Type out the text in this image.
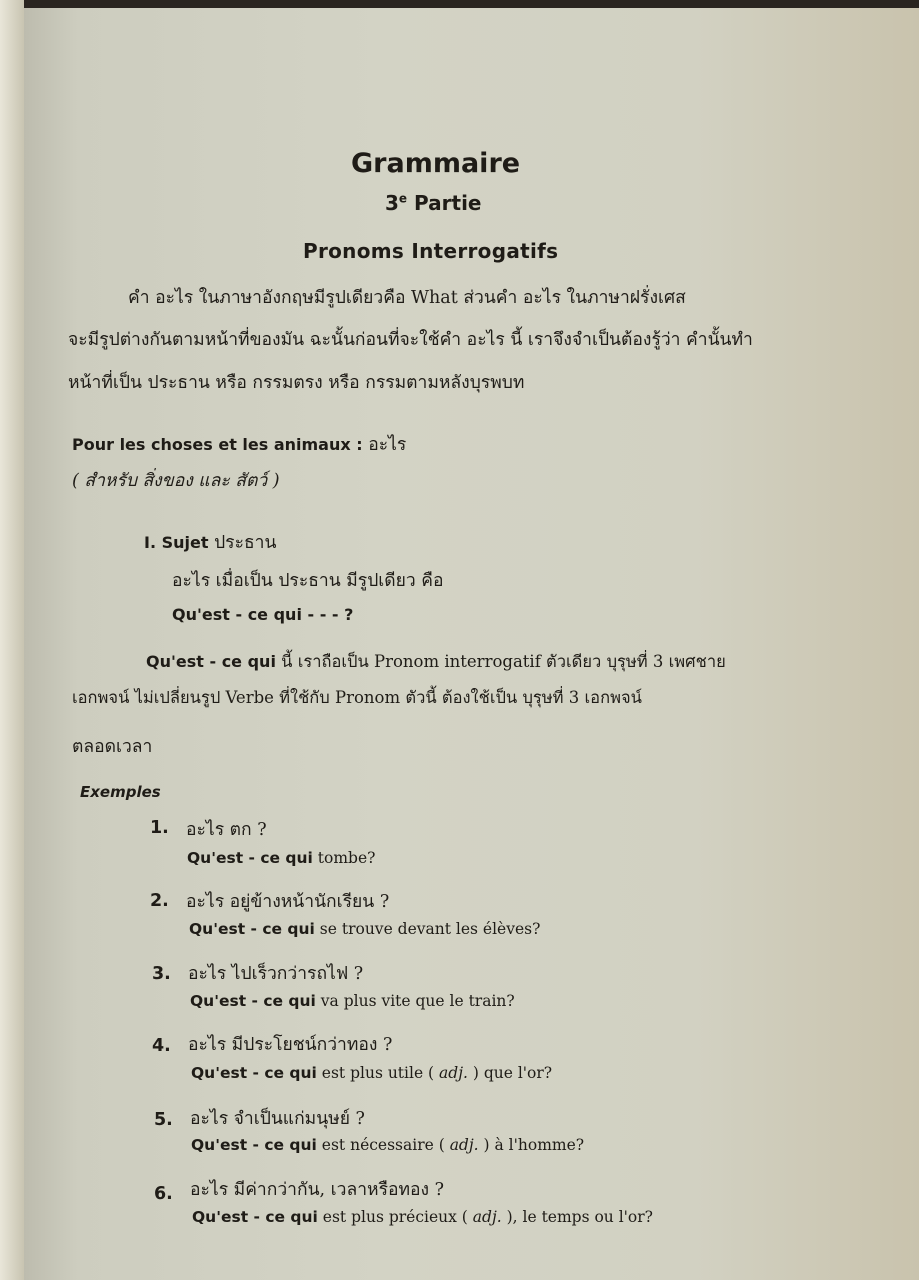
Grammaire
3e Partie
Pronoms Interrogatifs
คำ อะไร ในภาษาอังกฤษมีรูปเดียวคือ What ส่วนคำ อะไร ในภาษาฝรั่งเศส
จะมีรูปต่างกันตามหน้าที่ของมัน ฉะนั้นก่อนที่จะใช้คำ อะไร นี้ เราจึงจำเป็นต้องรู้ว่า คำนั้นทำ
หน้าที่เป็น ประธาน หรือ กรรมตรง หรือ กรรมตามหลังบุรพบท
Pour les choses et les animaux : อะไร
( สำหรับ สิ่งของ และ สัตว์ )
I. Sujet ประธาน
อะไร เมื่อเป็น ประธาน มีรูปเดียว คือ
Qu'est - ce qui - - - ?
Qu'est - ce qui นี้ เราถือเป็น Pronom interrogatif ตัวเดียว บุรุษที่ 3 เพศชาย
เอกพจน์ ไม่เปลี่ยนรูป Verbe ที่ใช้กับ Pronom ตัวนี้ ต้องใช้เป็น บุรุษที่ 3 เอกพจน์
ตลอดเวลา
Exemples
1. อะไร ตก ?
Qu'est - ce qui tombe?
2. อะไร อยู่ข้างหน้านักเรียน ?
Qu'est - ce qui se trouve devant les élèves?
3. อะไร ไปเร็วกว่ารถไฟ ?
Qu'est - ce qui va plus vite que le train?
4. อะไร มีประโยชน์กว่าทอง ?
Qu'est - ce qui est plus utile ( adj. ) que l'or?
5. อะไร จำเป็นแก่มนุษย์ ?
Qu'est - ce qui est nécessaire ( adj. ) à l'homme?
6. อะไร มีค่ากว่ากัน, เวลาหรือทอง ?
Qu'est - ce qui est plus précieux ( adj. ), le temps ou l'or?
